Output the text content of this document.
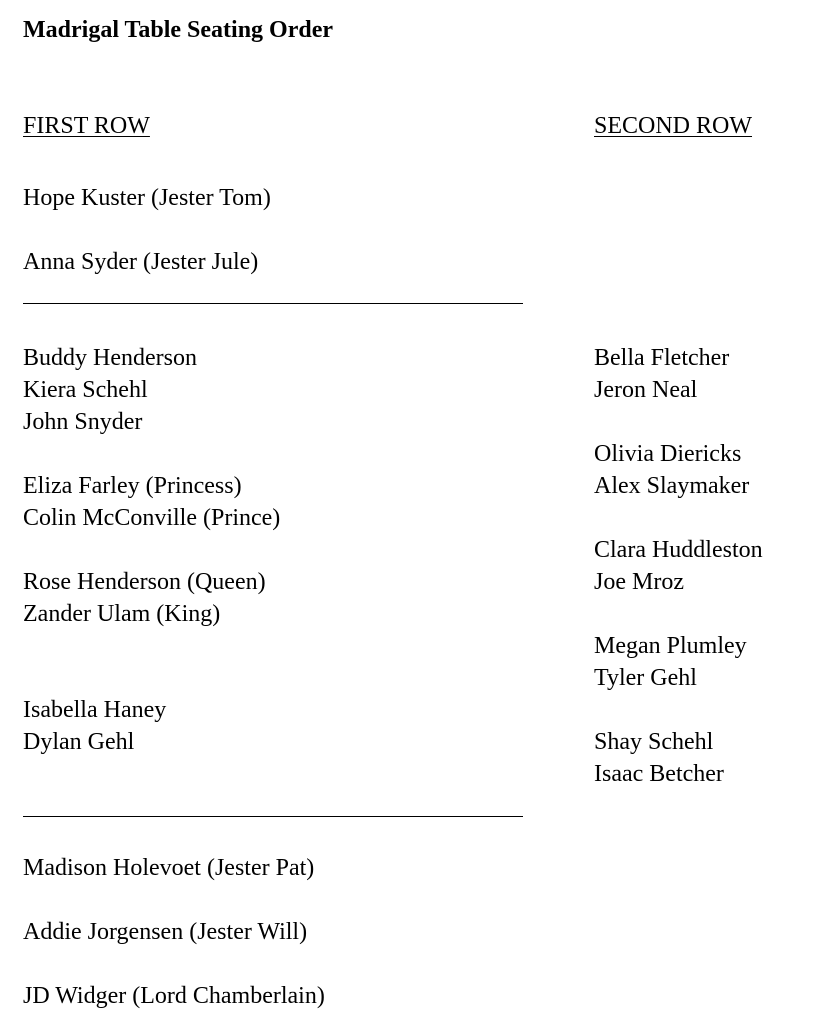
Madrigal Table Seating Order
FIRST ROW	SECOND ROW
Hope Kuster (Jester Tom)
Anna Syder (Jester Jule)
Buddy Henderson
Kiera Schehl
John Snyder
Eliza Farley (Princess)
Colin McConville (Prince)
Rose Henderson (Queen)
Zander Ulam (King)
Isabella Haney
Dylan Gehl
Bella Fletcher
Jeron Neal
Olivia Diericks
Alex Slaymaker
Clara Huddleston
Joe Mroz
Megan Plumley
Tyler Gehl
Shay Schehl
Isaac Betcher
Madison Holevoet (Jester Pat)
Addie Jorgensen (Jester Will)
JD Widger (Lord Chamberlain)
